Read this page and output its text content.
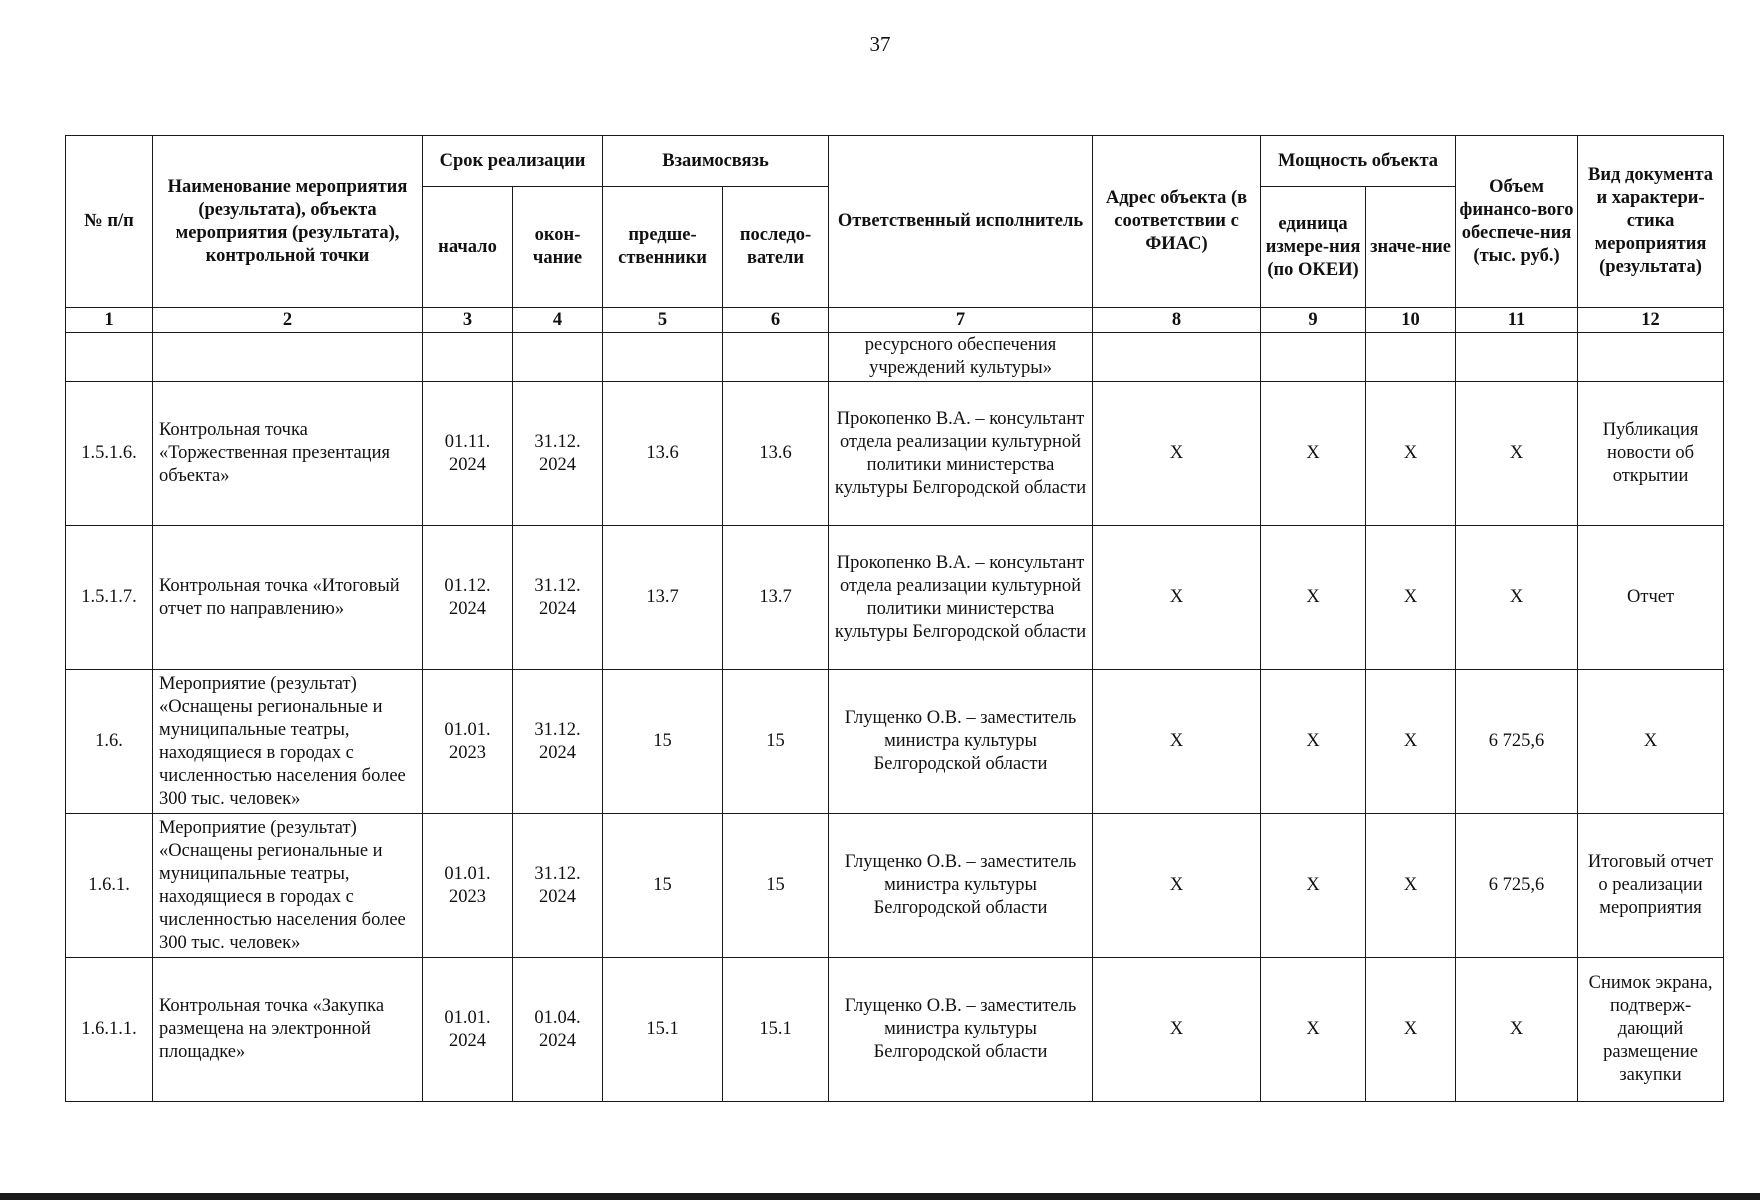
37
№ п/п	Наименование мероприятия (результата), объекта мероприятия (результата), контрольной точки	Срок реализации		Взаимосвязь		Ответственный исполнитель	Адрес объекта (в соответствии с ФИАС)	Мощность объекта		Объем финансо-вого обеспече-ния (тыс. руб.)	Вид документа и характери-стика мероприятия (результата)
		начало	окон-чание	предше-ственники	последо-ватели			единица измере-ния (по ОКЕИ)	значе-ние		
1	2	3	4	5	6	7	8	9	10	11	12
						ресурсного обеспечения учреждений культуры»					
1.5.1.6.	Контрольная точка «Торжественная презентация объекта»	01.11. 2024	31.12. 2024	13.6	13.6	Прокопенко В.А. – консультант отдела реализации культурной политики министерства культуры Белгородской области	X	X	X	X	Публикация новости об открытии
1.5.1.7.	Контрольная точка «Итоговый отчет по направлению»	01.12. 2024	31.12. 2024	13.7	13.7	Прокопенко В.А. – консультант отдела реализации культурной политики министерства культуры Белгородской области	X	X	X	X	Отчет
1.6.	Мероприятие (результат) «Оснащены региональные и муниципальные театры, находящиеся в городах с численностью населения более 300 тыс. человек»	01.01. 2023	31.12. 2024	15	15	Глущенко О.В. – заместитель министра культуры Белгородской области	X	X	X	6 725,6	X
1.6.1.	Мероприятие (результат) «Оснащены региональные и муниципальные театры, находящиеся в городах с численностью населения более 300 тыс. человек»	01.01. 2023	31.12. 2024	15	15	Глущенко О.В. – заместитель министра культуры Белгородской области	X	X	X	6 725,6	Итоговый отчет о реализации мероприятия
1.6.1.1.	Контрольная точка «Закупка размещена на электронной площадке»	01.01. 2024	01.04. 2024	15.1	15.1	Глущенко О.В. – заместитель министра культуры Белгородской области	X	X	X	X	Снимок экрана, подтверж-дающий размещение закупки
